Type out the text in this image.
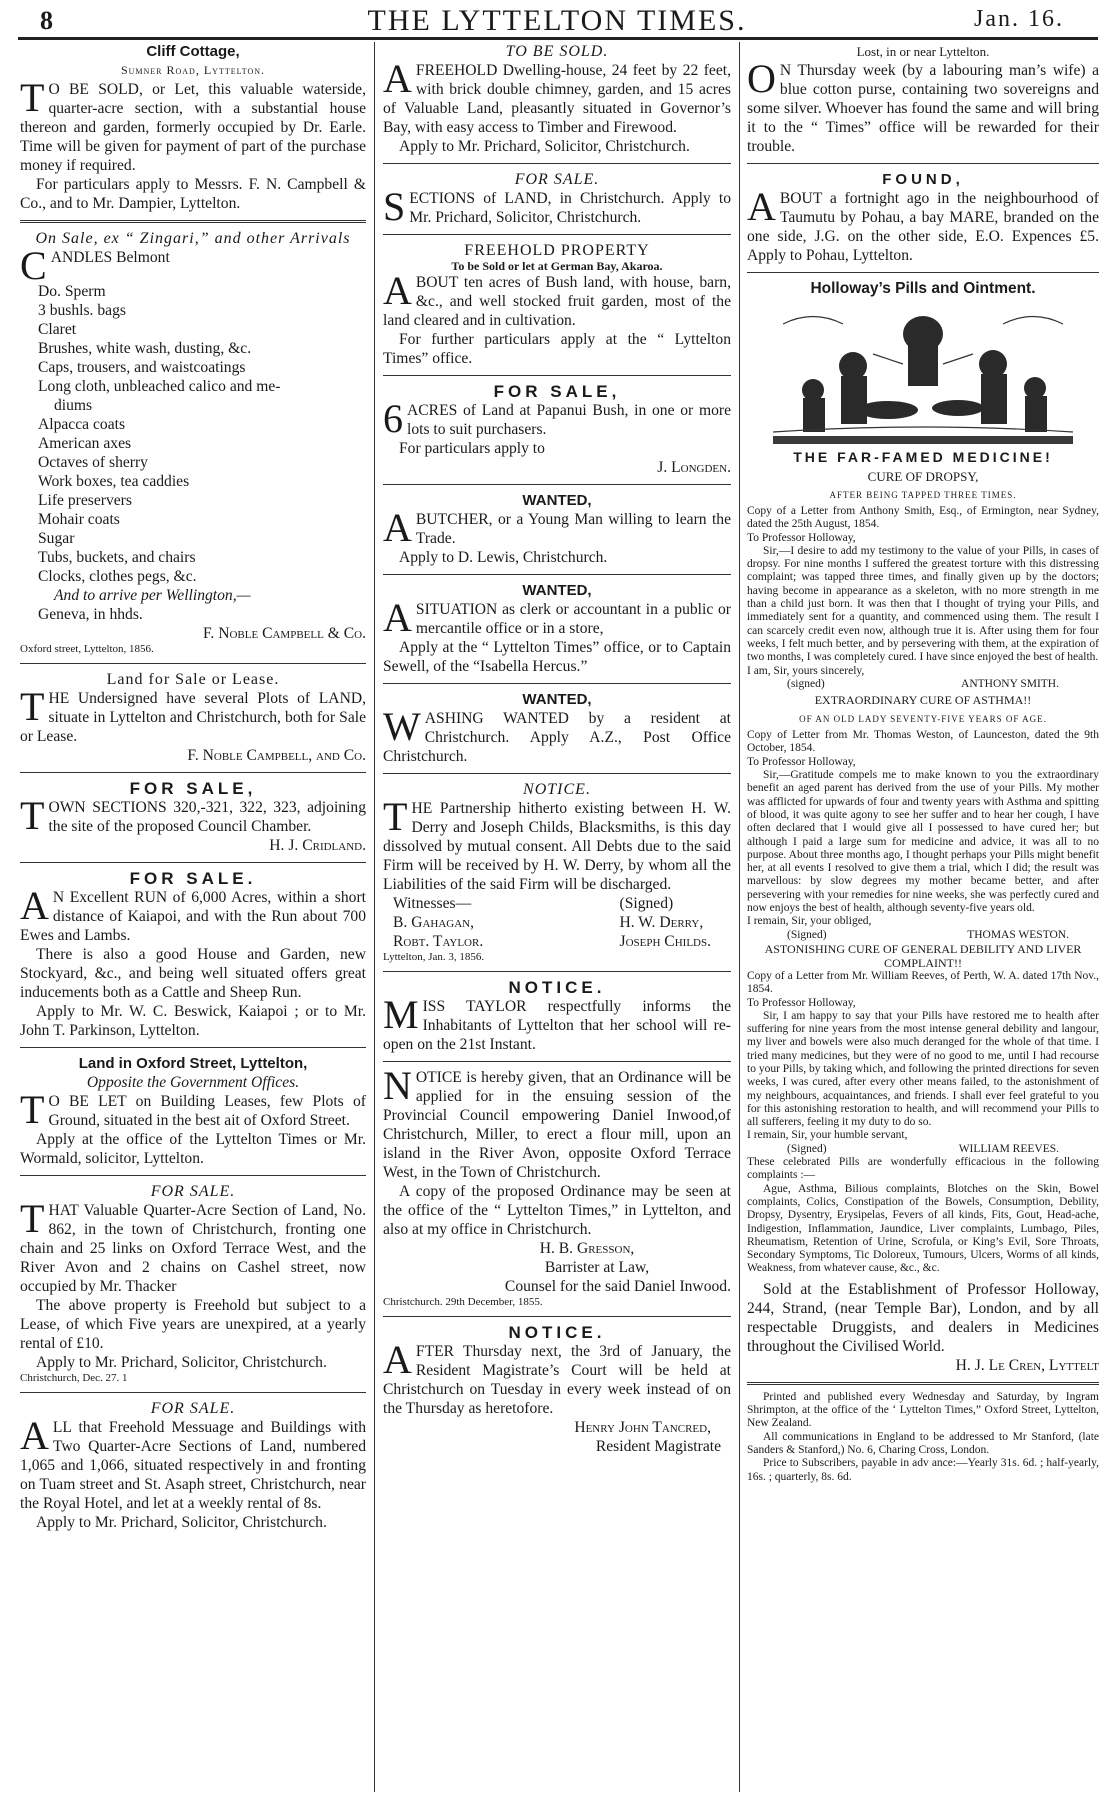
8	THE LYTTELTON TIMES.	Jan. 16.
Cliff Cottage,
Sumner Road, Lyttelton.
T O BE SOLD, or Let, this valuable waterside, quarter-acre section, with a substantial house thereon and garden, formerly occupied by Dr. Earle. Time will be given for payment of part of the purchase money if required.
For particulars apply to Messrs. F. N. Campbell & Co., and to Mr. Dampier, Lyttelton.
On Sale, ex “ Zingari,” and other Arrivals
CANDLES Belmont
Do. Sperm
3 bushls. bags
Claret
Brushes, white wash, dusting, &c.
Caps, trousers, and waistcoatings
Long cloth, unbleached calico and me-
diums
Alpacca coats
American axes
Octaves of sherry
Work boxes, tea caddies
Life preservers
Mohair coats
Sugar
Tubs, buckets, and chairs
Clocks, clothes pegs, &c.
And to arrive per Wellington,—
Geneva, in hhds.
F. Noble Campbell & Co.
Oxford street, Lyttelton, 1856.
Land for Sale or Lease.
THE Undersigned have several Plots of LAND, situate in Lyttelton and Christchurch, both for Sale or Lease.
F. Noble Campbell, and Co.
FOR SALE,
TOWN SECTIONS 320,-321, 322, 323, adjoining the site of the proposed Council Chamber.
H. J. Cridland.
FOR SALE.
A N Excellent RUN of 6,000 Acres, within a short distance of Kaiapoi, and with the Run about 700 Ewes and Lambs.
There is also a good House and Garden, new Stockyard, &c., and being well situated offers great inducements both as a Cattle and Sheep Run.
Apply to Mr. W. C. Beswick, Kaiapoi ; or to Mr. John T. Parkinson, Lyttelton.
Land in Oxford Street, Lyttelton,
Opposite the Government Offices.
T O BE LET on Building Leases, few Plots of Ground, situated in the best ait of Oxford Street.
Apply at the office of the Lyttelton Times or Mr. Wormald, solicitor, Lyttelton.
FOR SALE.
THAT Valuable Quarter-Acre Section of Land, No. 862, in the town of Christchurch, fronting one chain and 25 links on Oxford Terrace West, and the River Avon and 2 chains on Cashel street, now occupied by Mr. Thacker
The above property is Freehold but subject to a Lease, of which Five years are unexpired, at a yearly rental of £10.
Apply to Mr. Prichard, Solicitor, Christchurch.
Christchurch, Dec. 27. 1
FOR SALE.
ALL that Freehold Messuage and Buildings with Two Quarter-Acre Sections of Land, numbered 1,065 and 1,066, situated respectively in and fronting on Tuam street and St. Asaph street, Christchurch, near the Royal Hotel, and let at a weekly rental of 8s.
Apply to Mr. Prichard, Solicitor, Christchurch.
TO BE SOLD.
AFREEHOLD Dwelling-house, 24 feet by 22 feet, with brick double chimney, garden, and 15 acres of Valuable Land, pleasantly situated in Governor’s Bay, with easy access to Timber and Firewood.
Apply to Mr. Prichard, Solicitor, Christchurch.
FOR SALE.
SECTIONS of LAND, in Christchurch. Apply to Mr. Prichard, Solicitor, Christchurch.
FREEHOLD PROPERTY
To be Sold or let at German Bay, Akaroa.
ABOUT ten acres of Bush land, with house, barn, &c., and well stocked fruit garden, most of the land cleared and in cultivation.
For further particulars apply at the “ Lyttelton Times” office.
FOR SALE,
6 ACRES of Land at Papanui Bush, in one or more lots to suit purchasers.
For particulars apply to
J. Longden.
WANTED,
ABUTCHER, or a Young Man willing to learn the Trade.
Apply to D. Lewis, Christchurch.
WANTED,
ASITUATION as clerk or accountant in a public or mercantile office or in a store,
Apply at the “ Lyttelton Times” office, or to Captain Sewell, of the “Isabella Hercus.”
WANTED,
WASHING WANTED by a resident at Christchurch. Apply A.Z., Post Office Christchurch.
NOTICE.
THE Partnership hitherto existing between H. W. Derry and Joseph Childs, Blacksmiths, is this day dissolved by mutual consent. All Debts due to the said Firm will be received by H. W. Derry, by whom all the Liabilities of the said Firm will be discharged.
Witnesses—
B. Gahagan,
Robt. Taylor.
(Signed)
H. W. Derry,
Joseph Childs.
Lyttelton, Jan. 3, 1856.
NOTICE.
MISS TAYLOR respectfully informs the Inhabitants of Lyttelton that her school will re-open on the 21st Instant.
NOTICE is hereby given, that an Ordinance will be applied for in the ensuing session of the Provincial Council empowering Daniel Inwood,of Christchurch, Miller, to erect a flour mill, upon an island in the River Avon, opposite Oxford Terrace West, in the Town of Christchurch.
A copy of the proposed Ordinance may be seen at the office of the “ Lyttelton Times,” in Lyttelton, and also at my office in Christchurch.
H. B. Gresson,
Barrister at Law,
Counsel for the said Daniel Inwood.
Christchurch. 29th December, 1855.
NOTICE.
AFTER Thursday next, the 3rd of January, the Resident Magistrate’s Court will be held at Christchurch on Tuesday in every week instead of on the Thursday as heretofore.
Henry John Tancred,
Resident Magistrate
Lost, in or near Lyttelton.
O N Thursday week (by a labouring man’s wife) a blue cotton purse, containing two sovereigns and some silver. Whoever has found the same and will bring it to the “ Times” office will be rewarded for their trouble.
FOUND,
ABOUT a fortnight ago in the neighbourhood of Taumutu by Pohau, a bay MARE, branded on the one side, J.G. on the other side, E.O. Expences £5. Apply to Pohau, Lyttelton.
Holloway’s Pills and Ointment.
THE FAR-FAMED MEDICINE!
CURE OF DROPSY,
AFTER BEING TAPPED THREE TIMES.
Copy of a Letter from Anthony Smith, Esq., of Ermington, near Sydney, dated the 25th August, 1854.
To Professor Holloway,
Sir,—I desire to add my testimony to the value of your Pills, in cases of dropsy. For nine months I suffered the greatest torture with this distressing complaint; was tapped three times, and finally given up by the doctors; having become in appearance as a skeleton, with no more strength in me than a child just born. It was then that I thought of trying your Pills, and immediately sent for a quantity, and commenced using them. The result I can scarcely credit even now, although true it is. After using them for four weeks, I felt much better, and by persevering with them, at the expiration of two months, I was completely cured. I have since enjoyed the best of health.
I am, Sir, yours sincerely,
(signed)	ANTHONY SMITH.
EXTRAORDINARY CURE OF ASTHMA!!
OF AN OLD LADY SEVENTY-FIVE YEARS OF AGE.
Copy of Letter from Mr. Thomas Weston, of Launceston, dated the 9th October, 1854.
To Professor Holloway,
Sir,—Gratitude compels me to make known to you the extraordinary benefit an aged parent has derived from the use of your Pills. My mother was afflicted for upwards of four and twenty years with Asthma and spitting of blood, it was quite agony to see her suffer and to hear her cough, I have often declared that I would give all I possessed to have cured her; but although I paid a large sum for medicine and advice, it was all to no purpose. About three months ago, I thought perhaps your Pills might benefit her, at all events I resolved to give them a trial, which I did; the result was marvellous: by slow degrees my mother became better, and after persevering with your remedies for nine weeks, she was perfectly cured and now enjoys the best of health, although seventy-five years old.
I remain, Sir, your obliged,
(Signed)	THOMAS WESTON.
ASTONISHING CURE OF GENERAL DEBILITY AND LIVER COMPLAINT!!
Copy of a Letter from Mr. William Reeves, of Perth, W. A. dated 17th Nov., 1854.
To Professor Holloway,
Sir, I am happy to say that your Pills have restored me to health after suffering for nine years from the most intense general debility and langour, my liver and bowels were also much deranged for the whole of that time. I tried many medicines, but they were of no good to me, until I had recourse to your Pills, by taking which, and following the printed directions for seven weeks, I was cured, after every other means failed, to the astonishment of my neighbours, acquaintances, and friends. I shall ever feel grateful to you for this astonishing restoration to health, and will recommend your Pills to all sufferers, feeling it my duty to do so.
I remain, Sir, your humble servant,
(Signed)	WILLIAM REEVES.
These celebrated Pills are wonderfully efficacious in the following complaints :—
Ague, Asthma, Bilious complaints, Blotches on the Skin, Bowel complaints, Colics, Constipation of the Bowels, Consumption, Debility, Dropsy, Dysentry, Erysipelas, Fevers of all kinds, Fits, Gout, Head-ache, Indigestion, Inflammation, Jaundice, Liver complaints, Lumbago, Piles, Rheumatism, Retention of Urine, Scrofula, or King’s Evil, Sore Throats, Secondary Symptoms, Tic Doloreux, Tumours, Ulcers, Worms of all kinds, Weakness, from whatever cause, &c., &c.
Sold at the Establishment of Professor Holloway, 244, Strand, (near Temple Bar), London, and by all respectable Druggists, and dealers in Medicines throughout the Civilised World.
H. J. Le Cren, Lyttelt
Printed and published every Wednesday and Saturday, by Ingram Shrimpton, at the office of the ‘ Lyttelton Times,” Oxford Street, Lyttelton, New Zealand.
All communications in England to be addressed to Mr Stanford, (late Sanders & Stanford,) No. 6, Charing Cross, London.
Price to Subscribers, payable in adv ance:—Yearly 31s. 6d. ; half-yearly, 16s. ; quarterly, 8s. 6d.
